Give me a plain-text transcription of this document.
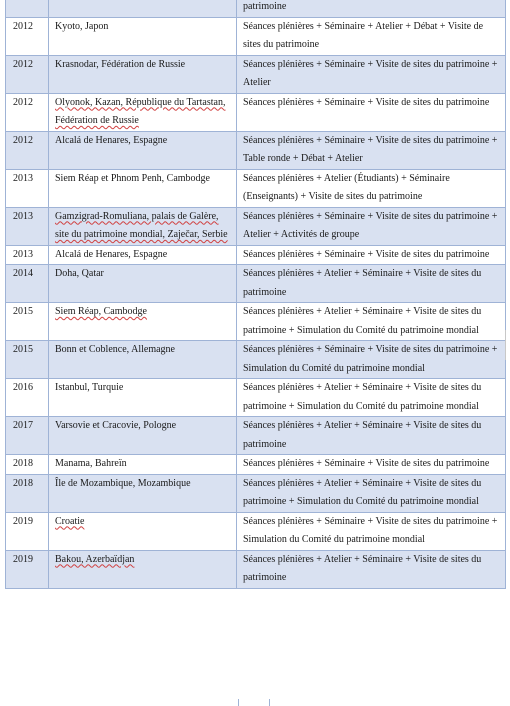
		patrimoine
2012	Kyoto, Japon	Séances plénières + Séminaire + Atelier + Débat + Visite de sites du patrimoine
2012	Krasnodar, Fédération de Russie	Séances plénières + Séminaire + Visite de sites du patrimoine + Atelier
2012	Olyonok, Kazan, République du Tartastan, Fédération de Russie	Séances plénières + Séminaire + Visite de sites du patrimoine
2012	Alcalá de Henares, Espagne	Séances plénières + Séminaire + Visite de sites du patrimoine + Table ronde + Débat + Atelier
2013	Siem Réap et Phnom Penh, Cambodge	Séances plénières + Atelier (Étudiants) + Séminaire (Enseignants) + Visite de sites du patrimoine
2013	Gamzigrad-Romuliana, palais de Galère, site du patrimoine mondial, Zaječar, Serbie	Séances plénières + Séminaire + Visite de sites du patrimoine + Atelier + Activités de groupe
2013	Alcalá de Henares, Espagne	Séances plénières + Séminaire + Visite de sites du patrimoine
2014	Doha, Qatar	Séances plénières + Atelier + Séminaire + Visite de sites du patrimoine
2015	Siem Réap, Cambodge	Séances plénières + Atelier + Séminaire + Visite de sites du patrimoine + Simulation du Comité du patrimoine mondial
2015	Bonn et Coblence, Allemagne	Séances plénières + Séminaire + Visite de sites du patrimoine + Simulation du Comité du patrimoine mondial
2016	Istanbul, Turquie	Séances plénières + Atelier + Séminaire + Visite de sites du patrimoine + Simulation du Comité du patrimoine mondial
2017	Varsovie et Cracovie, Pologne	Séances plénières + Atelier + Séminaire + Visite de sites du patrimoine
2018	Manama, Bahreïn	Séances plénières + Séminaire + Visite de sites du patrimoine
2018	Île de Mozambique, Mozambique	Séances plénières + Atelier + Séminaire + Visite de sites du patrimoine + Simulation du Comité du patrimoine mondial
2019	Croatie	Séances plénières + Séminaire + Visite de sites du patrimoine + Simulation du Comité du patrimoine mondial
2019	Bakou, Azerbaïdjan	Séances plénières + Atelier + Séminaire + Visite de sites du patrimoine
